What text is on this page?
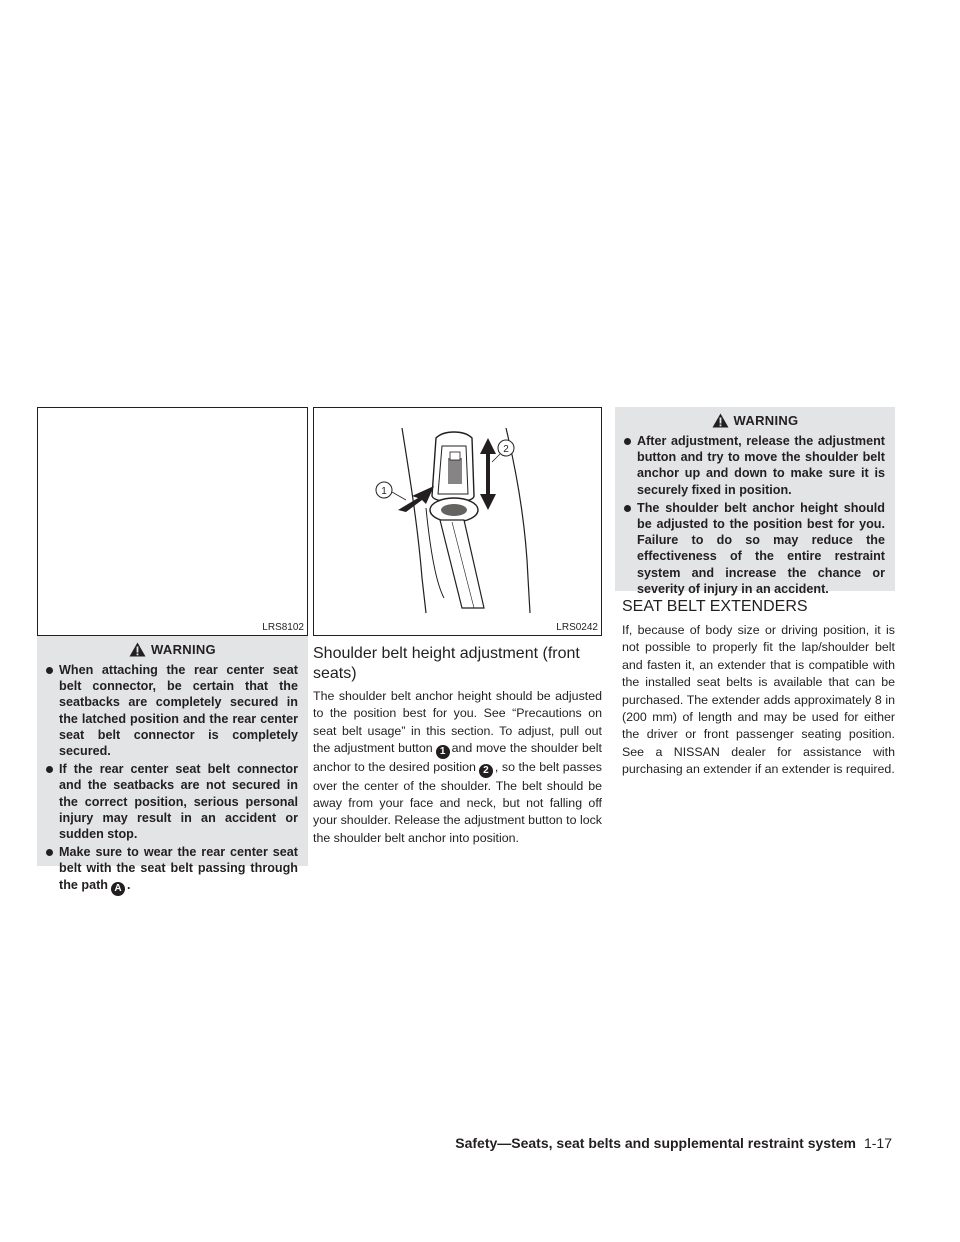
LRS8102
WARNING
When attaching the rear center seat belt connector, be certain that the seatbacks are completely secured in the latched position and the rear center seat belt connector is completely secured.
If the rear center seat belt connector and the seatbacks are not secured in the correct position, serious personal injury may result in an accident or sudden stop.
Make sure to wear the rear center seat belt with the seat belt passing through the path A .
1
2
LRS0242
Shoulder belt height adjustment (front seats)
The shoulder belt anchor height should be adjusted to the position best for you. See “Precautions on seat belt usage” in this section. To adjust, pull out the adjustment button 1 and move the shoulder belt anchor to the desired position 2 , so the belt passes over the center of the shoulder. The belt should be away from your face and neck, but not falling off your shoulder. Release the adjustment button to lock the shoulder belt anchor into position.
WARNING
After adjustment, release the adjustment button and try to move the shoulder belt anchor up and down to make sure it is securely fixed in position.
The shoulder belt anchor height should be adjusted to the position best for you. Failure to do so may reduce the effectiveness of the entire restraint system and increase the chance or severity of injury in an accident.
SEAT BELT EXTENDERS
If, because of body size or driving position, it is not possible to properly fit the lap/shoulder belt and fasten it, an extender that is compatible with the installed seat belts is available that can be purchased. The extender adds approximately 8 in (200 mm) of length and may be used for either the driver or front passenger seating position. See a NISSAN dealer for assistance with purchasing an extender if an extender is required.
Safety—Seats, seat belts and supplemental restraint system 1-17
